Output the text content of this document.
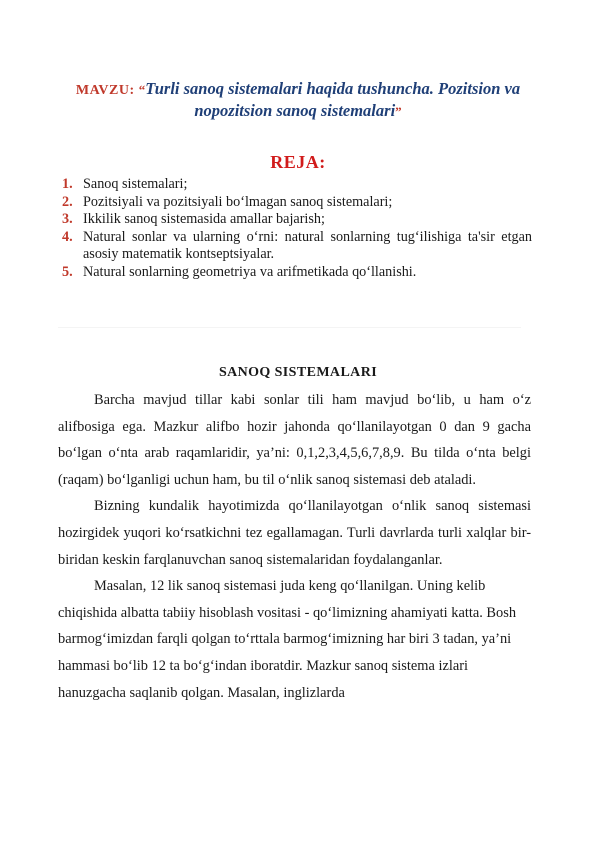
MAVZU: “Turli sanoq sistemalari haqida tushuncha. Pozitsion va nopozitsion sanoq sistemalari”
REJA:
1. Sanoq sistemalari;
2. Pozitsiyali va pozitsiyali bo‘lmagan sanoq sistemalari;
3. Ikkilik sanoq sistemasida amallar bajarish;
4. Natural sonlar va ularning o‘rni: natural sonlarning tug‘ilishiga ta'sir etgan asosiy matematik kontseptsiyalar.
5. Natural sonlarning geometriya va arifmetikada qo‘llanishi.
SANOQ SISTEMALARI

Barcha mavjud tillar kabi sonlar tili ham mavjud bo‘lib, u ham o‘z alifbosiga ega. Mazkur alifbo hozir jahonda qo‘llanilayotgan 0 dan 9 gacha bo‘lgan o‘nta arab raqamlaridir, ya’ni: 0,1,2,3,4,5,6,7,8,9. Bu tilda o‘nta belgi (raqam) bo‘lganligi uchun ham, bu til o‘nlik sanoq sistemasi deb ataladi.

Bizning kundalik hayotimizda qo‘llanilayotgan o‘nlik sanoq sistemasi hozirgidek yuqori ko‘rsatkichni tez egallamagan. Turli davrlarda turli xalqlar bir-biridan keskin farqlanuvchan sanoq sistemalaridan foydalanganlar.

Masalan, 12 lik sanoq sistemasi juda keng qo‘llanilgan. Uning kelib chiqishida albatta tabiiy hisoblash vositasi - qo‘limizning ahamiyati katta. Bosh barmog‘imizdan farqli qolgan to‘rttala barmog‘imizning har biri 3 tadan, ya’ni hammasi bo‘lib 12 ta bo‘g‘indan iboratdir. Mazkur sanoq sistema izlari hanuzgacha saqlanib qolgan. Masalan, inglizlarda
